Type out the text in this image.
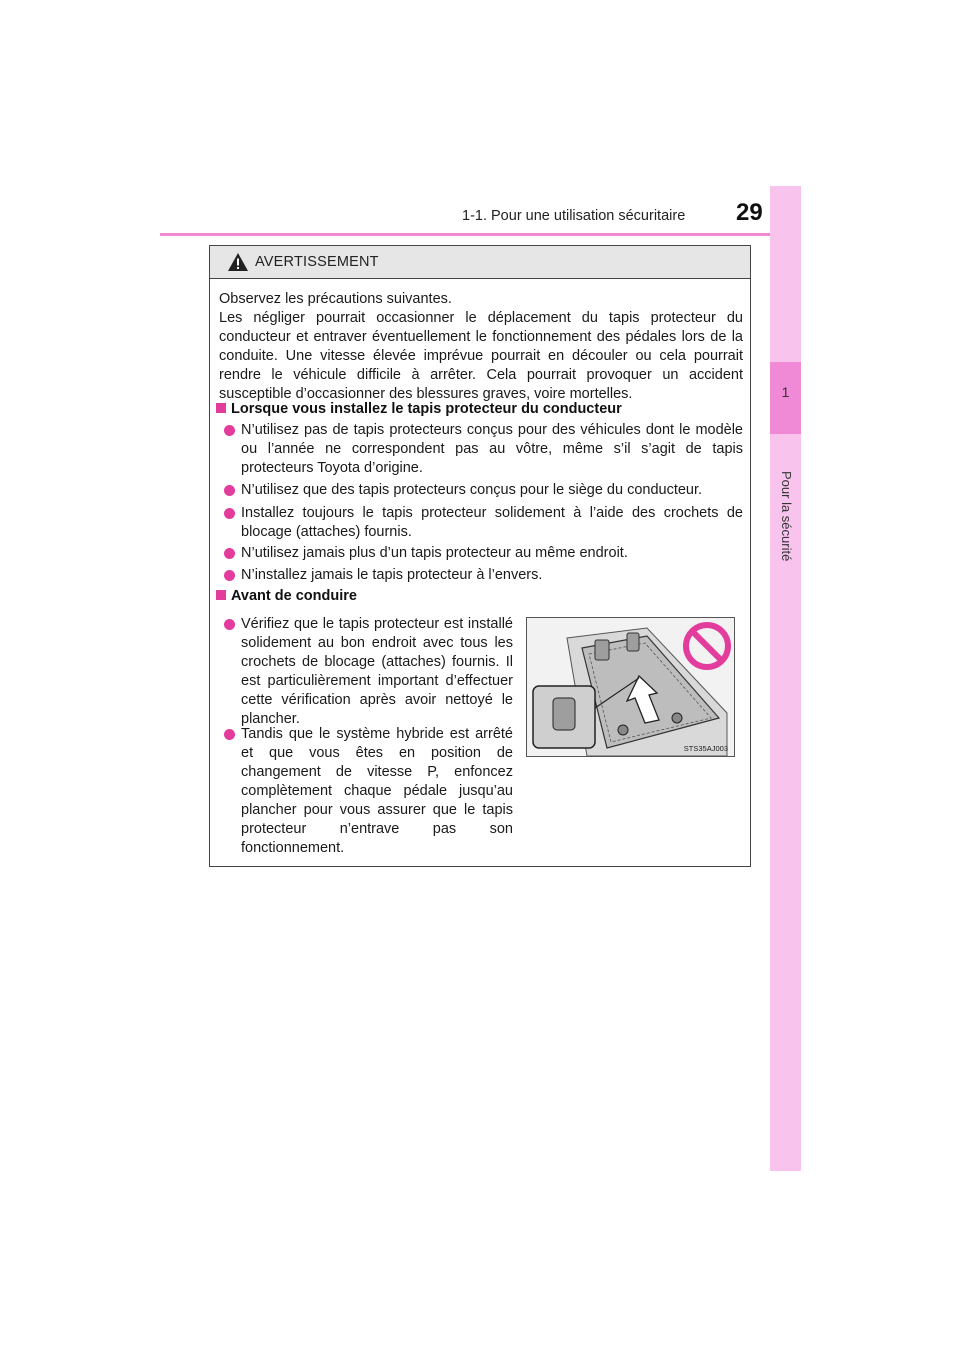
1-1. Pour une utilisation sécuritaire 29
1
Pour la sécurité
AVERTISSEMENT
Observez les précautions suivantes.
Les négliger pourrait occasionner le déplacement du tapis protecteur du conducteur et entraver éventuellement le fonctionnement des pédales lors de la conduite. Une vitesse élevée imprévue pourrait en découler ou cela pourrait rendre le véhicule difficile à arrêter. Cela pourrait provoquer un accident susceptible d’occasionner des blessures graves, voire mortelles.
Lorsque vous installez le tapis protecteur du conducteur
N’utilisez pas de tapis protecteurs conçus pour des véhicules dont le modèle ou l’année ne correspondent pas au vôtre, même s’il s’agit de tapis protecteurs Toyota d’origine.
N’utilisez que des tapis protecteurs conçus pour le siège du conducteur.
Installez toujours le tapis protecteur solidement à l’aide des crochets de blocage (attaches) fournis.
N’utilisez jamais plus d’un tapis protecteur au même endroit.
N’installez jamais le tapis protecteur à l’envers.
Avant de conduire
Vérifiez que le tapis protecteur est installé solidement au bon endroit avec tous les crochets de blocage (attaches) fournis. Il est particulièrement important d’effectuer cette vérification après avoir nettoyé le plancher.
Tandis que le système hybride est arrêté et que vous êtes en position de changement de vitesse P, enfoncez complètement chaque pédale jusqu’au plancher pour vous assurer que le tapis protecteur n’entrave pas son fonctionnement.
STS35AJ003
